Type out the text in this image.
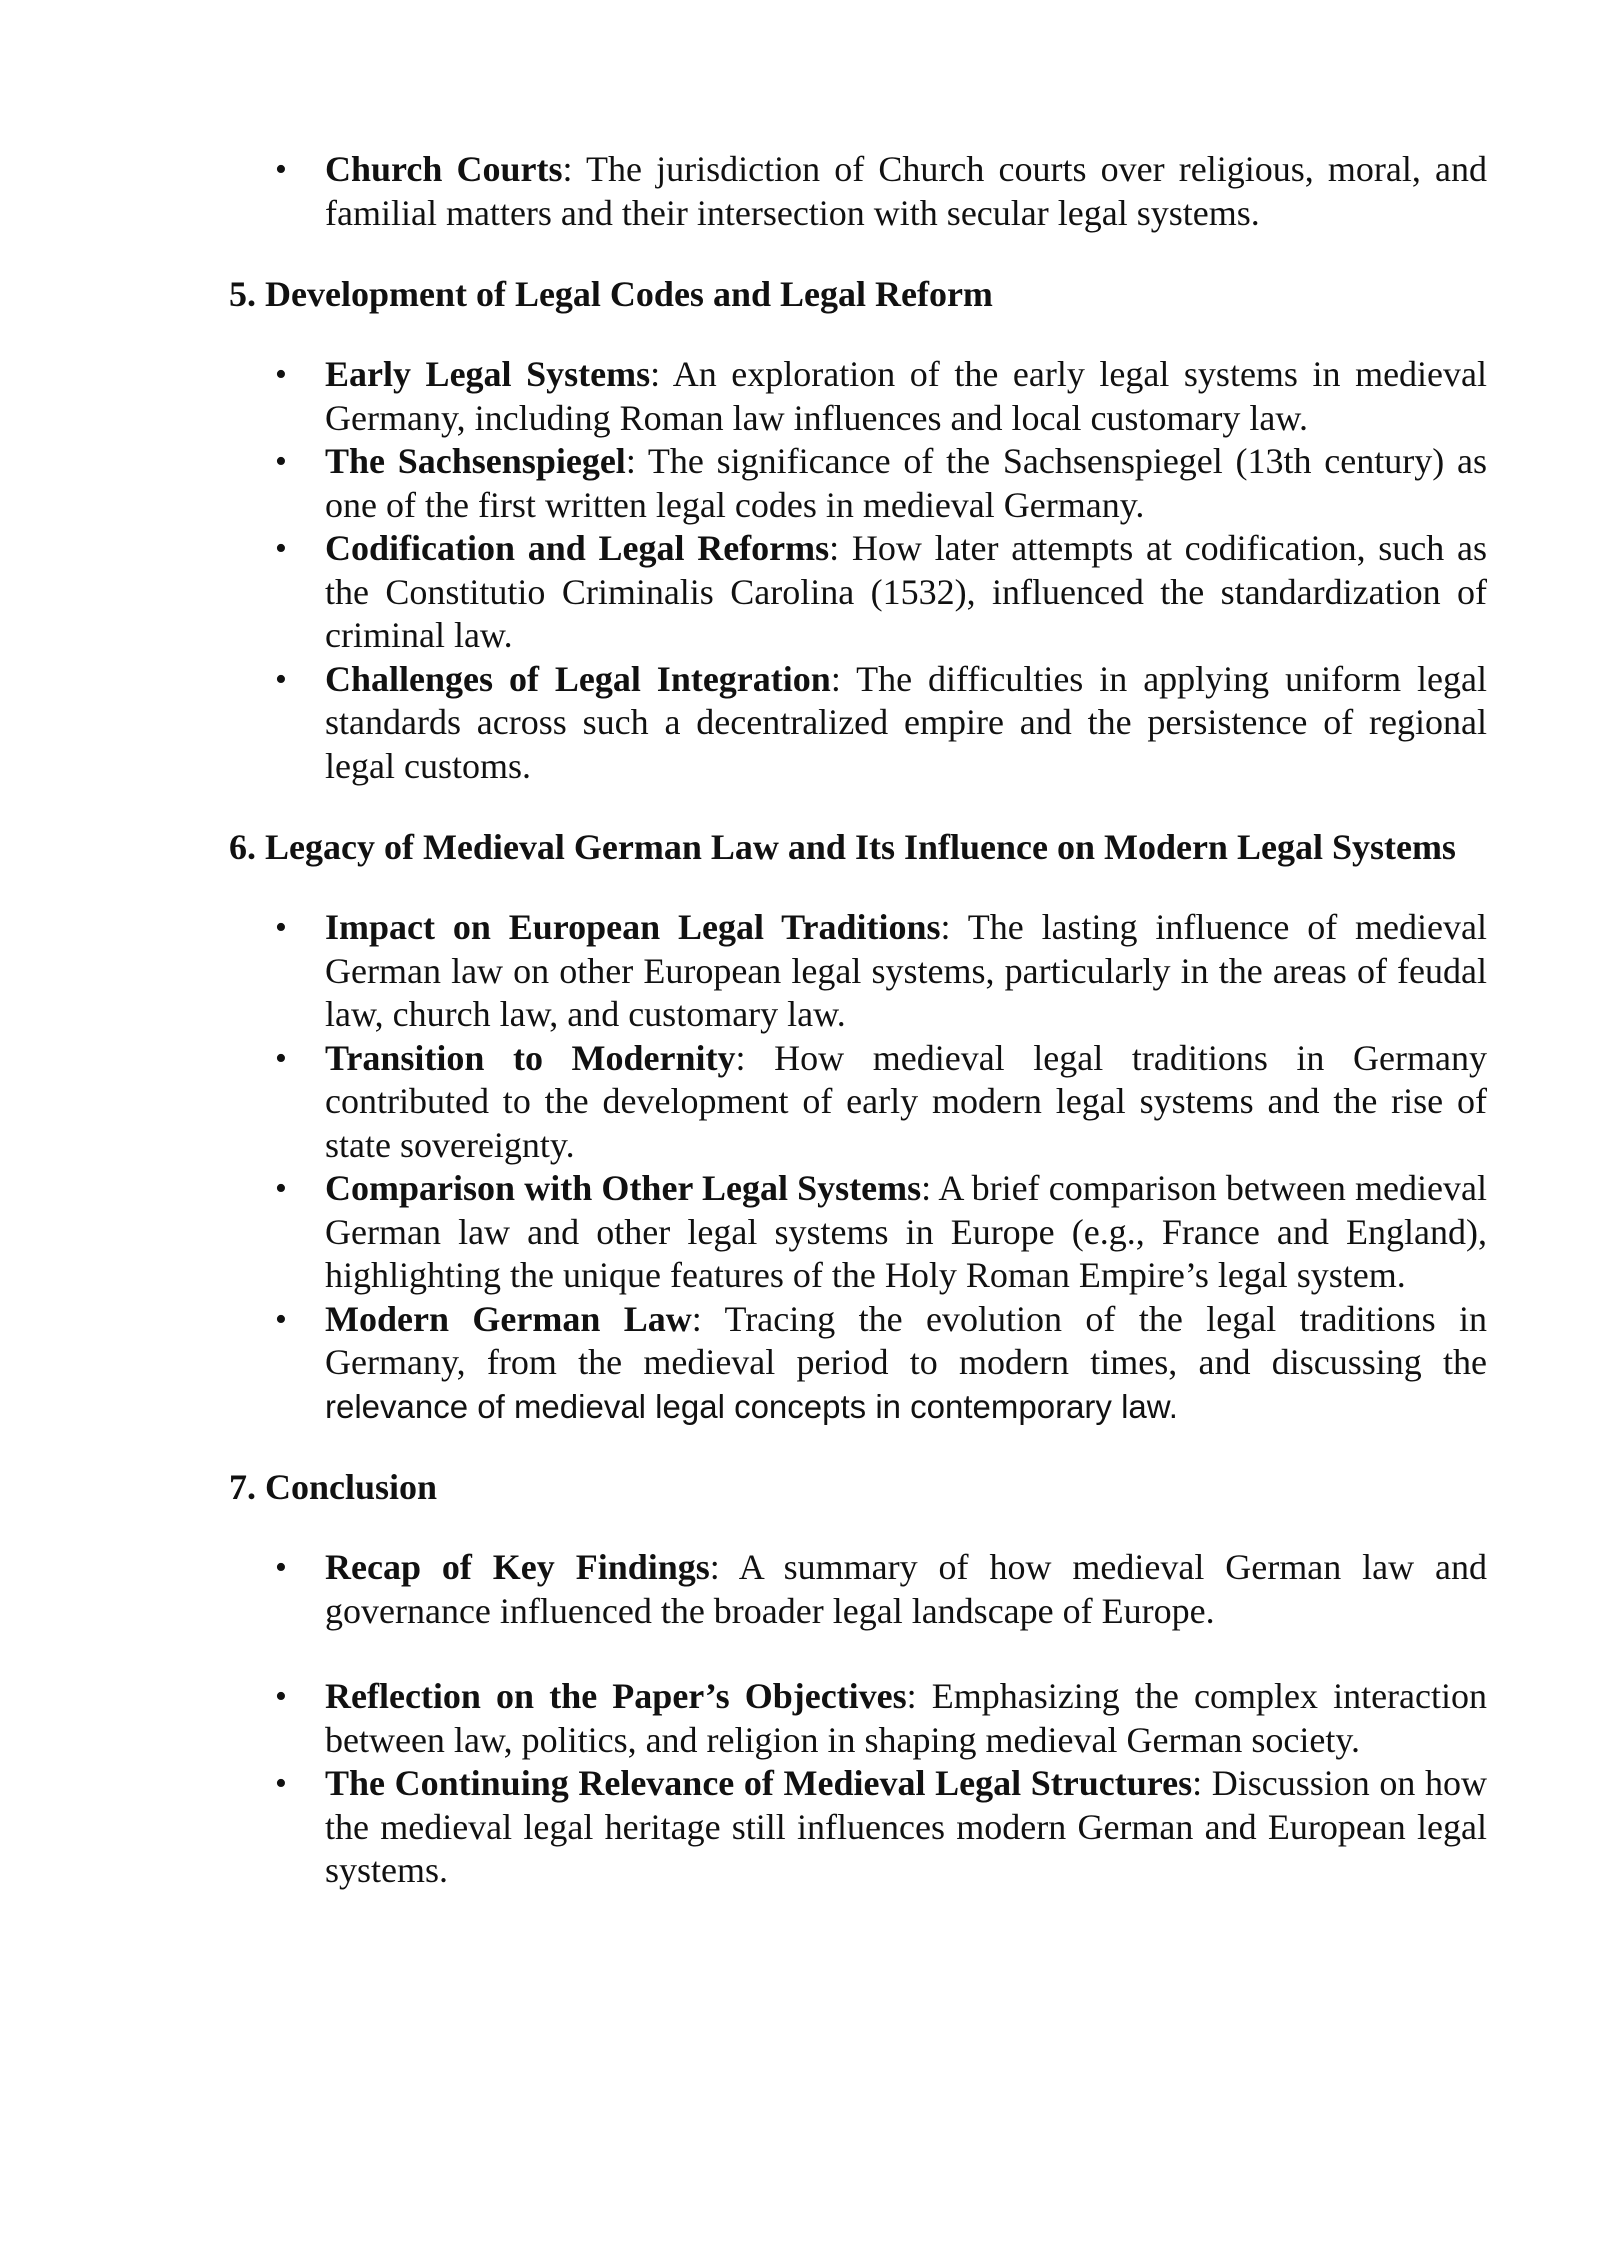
• Church Courts: The jurisdiction of Church courts over religious, moral, and familial matters and their intersection with secular legal systems.
5. Development of Legal Codes and Legal Reform
• Early Legal Systems: An exploration of the early legal systems in medieval Germany, including Roman law influences and local customary law.
• The Sachsenspiegel: The significance of the Sachsenspiegel (13th century) as one of the first written legal codes in medieval Germany.
• Codification and Legal Reforms: How later attempts at codification, such as the Constitutio Criminalis Carolina (1532), influenced the standardization of criminal law.
• Challenges of Legal Integration: The difficulties in applying uniform legal standards across such a decentralized empire and the persistence of regional legal customs.
6. Legacy of Medieval German Law and Its Influence on Modern Legal Systems
• Impact on European Legal Traditions: The lasting influence of medieval German law on other European legal systems, particularly in the areas of feudal law, church law, and customary law.
• Transition to Modernity: How medieval legal traditions in Germany contributed to the development of early modern legal systems and the rise of state sovereignty.
• Comparison with Other Legal Systems: A brief comparison between medieval German law and other legal systems in Europe (e.g., France and England), highlighting the unique features of the Holy Roman Empire’s legal system.
• Modern German Law: Tracing the evolution of the legal traditions in Germany, from the medieval period to modern times, and discussing the relevance of medieval legal concepts in contemporary law.
7. Conclusion
• Recap of Key Findings: A summary of how medieval German law and governance influenced the broader legal landscape of Europe.
• Reflection on the Paper’s Objectives: Emphasizing the complex interaction between law, politics, and religion in shaping medieval German society.
• The Continuing Relevance of Medieval Legal Structures: Discussion on how the medieval legal heritage still influences modern German and European legal systems.
